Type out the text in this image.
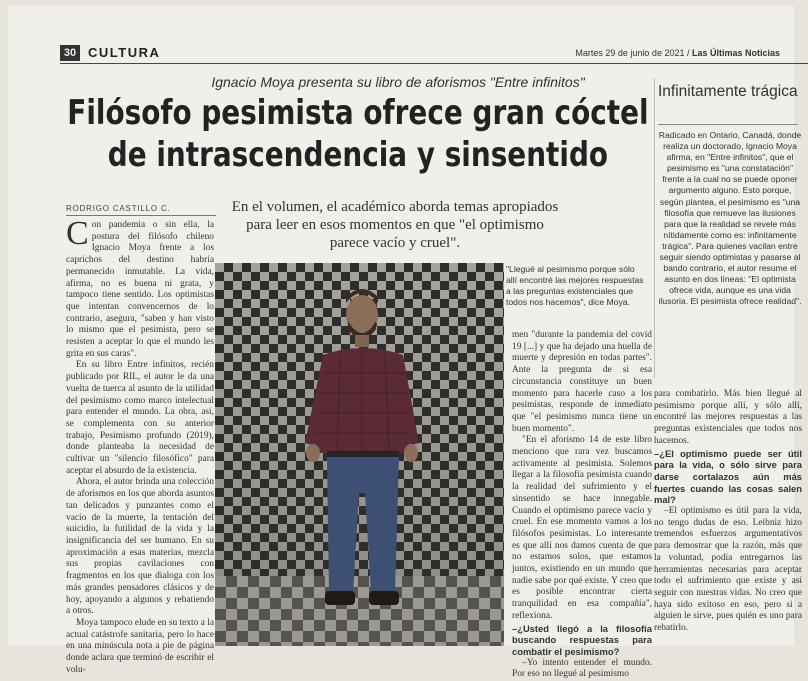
30 CULTURA	Martes 29 de junio de 2021 / Las Últimas Noticias
Ignacio Moya presenta su libro de aforismos "Entre infinitos"
Filósofo pesimista ofrece gran cóctel de intrascendencia y sinsentido
RODRIGO CASTILLO C.	En el volumen, el académico aborda temas apropiados para leer en esos momentos en que "el optimismo parece vacío y cruel".

Con pandemia o sin ella, la postura del filósofo chileno Ignacio Moya frente a los caprichos del destino habría permanecido inmutable. La vida, afirma, no es buena ni grata, y tampoco tiene sentido. Los optimistas que intentan convencernos de lo contrario, asegura, "saben y han visto lo mismo que el pesimista, pero se resisten a aceptar lo que el mundo les grita en sus caras".

En su libro Entre infinitos, recién publicado por RIL, el autor le da una vuelta de tuerca al asunto de la utilidad del pesimismo como marco intelectual para entender el mundo. La obra, así, se complementa con su anterior trabajo, Pesimismo profundo (2019), donde planteaba la necesidad de cultivar un "silencio filosófico" para aceptar el absurdo de la existencia.

Ahora, el autor brinda una colección de aforismos en los que aborda asuntos tan delicados y punzantes como el vacío de la muerte, la tentación del suicidio, la futilidad de la vida y la insignificancia del ser humano. En su aproximación a esas materias, mezcla sus propias cavilaciones con fragmentos en los que dialoga con los más grandes pensadores clásicos y de hoy, apoyando a algunos y rebatiendo a otros.

Moya tampoco elude en su texto a la actual catástrofe sanitaria, pero lo hace en una minúscula nota a pie de página donde aclara que terminó de escribir el volu-

"Llegué al pesimismo porque sólo allí encontré las mejores respuestas a las preguntas existenciales que todos nos hacemos", dice Moya.

men "durante la pandemia del covid 19 [...] y que ha dejado una huella de muerte y depresión en todas partes". Ante la pregunta de si esa circunstancia constituye un buen momento para hacerle caso a los pesimistas, responde de inmediato que "el pesimismo nunca tiene un buen momento".

"En el aforismo 14 de este libro menciono que rara vez buscamos activamente al pesimista. Solemos llegar a la filosofía pesimista cuando la realidad del sufrimiento y el sinsentido se hace innegable. Cuando el optimismo parece vacío y cruel. En ese momento vamos a los filósofos pesimistas. Lo interesante es que allí nos damos cuenta de que no estamos solos, que estamos juntos, existiendo en un mundo que nadie sabe por qué existe. Y creo que es posible encontrar cierta tranquilidad en esa compañía", reflexiona.

–¿Usted llegó a la filosofía buscando respuestas para combatir el pesimismo?

–Yo intento entender el mundo. Por eso no llegué al pesimismo

para combatirlo. Más bien llegué al pesimismo porque allí, y sólo allí, encontré las mejores respuestas a las preguntas existenciales que todos nos hacemos.

–¿El optimismo puede ser útil para la vida, o sólo sirve para darse cortalazos aún más fuertes cuando las cosas salen mal?

–El optimismo es útil para la vida, no tengo dudas de eso. Leibniz hizo tremendos esfuerzos argumentativos para demostrar que la razón, más que la voluntad, podía entregarnos las herramientas necesarias para aceptar todo el sufrimiento que existe y así seguir con nuestras vidas. No creo que haya sido exitoso en eso, pero si a alguien le sirve, pues quién es uno para rebatirlo.

Infinitamente trágica
Radicado en Ontario, Canadá, donde realiza un doctorado, Ignacio Moya afirma, en "Entre infinitos", que el pesimismo es "una constatación" frente a la cual no se puede oponer argumento alguno. Esto porque, según plantea, el pesimismo es "una filosofía que remueve las ilusiones para que la realidad se revele más nítidamente como es: infinitamente trágica". Para quienes vacilan entre seguir siendo optimistas y pasarse al bando contrario, el autor resume el asunto en dos líneas: "El optimista ofrece vida, aunque es una vida ilusoria. El pesimista ofrece realidad".
